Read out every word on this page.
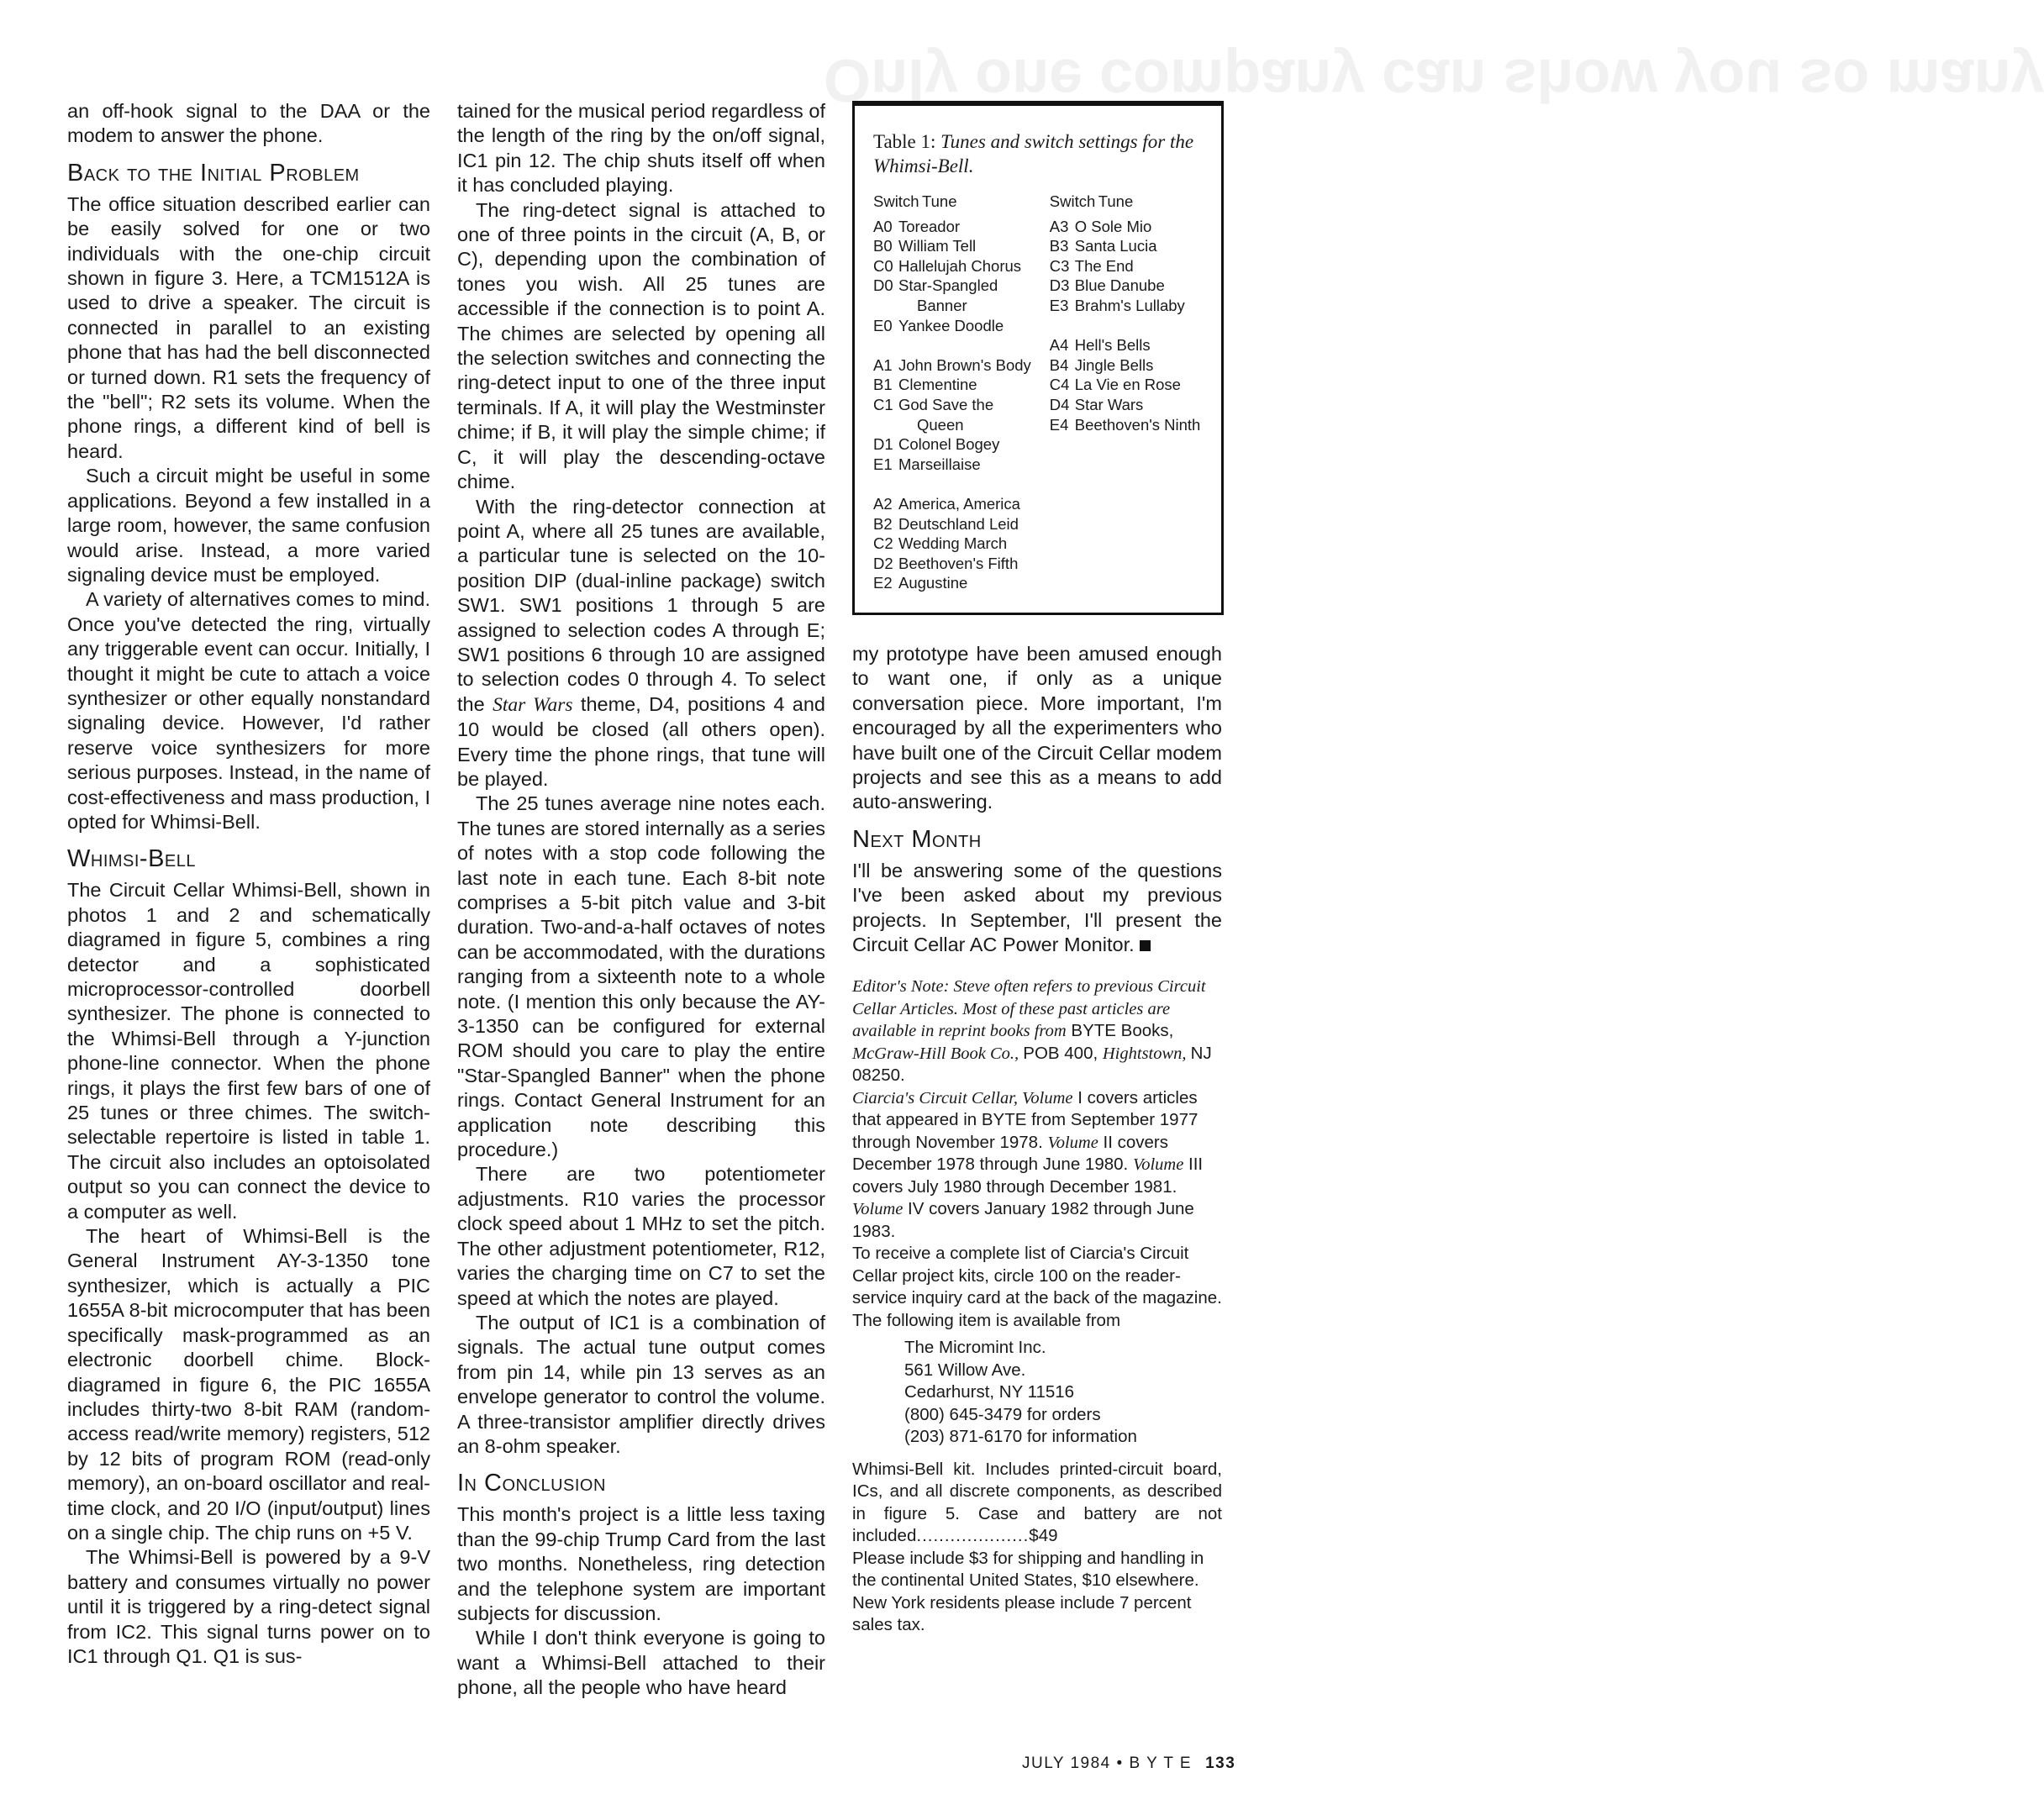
Only one company can show you so many

an off-hook signal to the DAA or the modem to answer the phone.

Back to the Initial Problem

The office situation described earlier can be easily solved for one or two individuals with the one-chip circuit shown in figure 3. Here, a TCM1512A is used to drive a speaker. The circuit is connected in parallel to an existing phone that has had the bell disconnected or turned down. R1 sets the frequency of the "bell"; R2 sets its volume. When the phone rings, a different kind of bell is heard.

Such a circuit might be useful in some applications. Beyond a few installed in a large room, however, the same confusion would arise. Instead, a more varied signaling device must be employed.

A variety of alternatives comes to mind. Once you've detected the ring, virtually any triggerable event can occur. Initially, I thought it might be cute to attach a voice synthesizer or other equally nonstandard signaling device. However, I'd rather reserve voice synthesizers for more serious purposes. Instead, in the name of cost-effectiveness and mass production, I opted for Whimsi-Bell.

Whimsi-Bell

The Circuit Cellar Whimsi-Bell, shown in photos 1 and 2 and schematically diagramed in figure 5, combines a ring detector and a sophisticated microprocessor-controlled doorbell synthesizer. The phone is connected to the Whimsi-Bell through a Y-junction phone-line connector. When the phone rings, it plays the first few bars of one of 25 tunes or three chimes. The switch-selectable repertoire is listed in table 1. The circuit also includes an optoisolated output so you can connect the device to a computer as well.

The heart of Whimsi-Bell is the General Instrument AY-3-1350 tone synthesizer, which is actually a PIC 1655A 8-bit microcomputer that has been specifically mask-programmed as an electronic doorbell chime. Block-diagramed in figure 6, the PIC 1655A includes thirty-two 8-bit RAM (random-access read/write memory) registers, 512 by 12 bits of program ROM (read-only memory), an on-board oscillator and real-time clock, and 20 I/O (input/output) lines on a single chip. The chip runs on +5 V.

The Whimsi-Bell is powered by a 9-V battery and consumes virtually no power until it is triggered by a ring-detect signal from IC2. This signal turns power on to IC1 through Q1. Q1 is sus-

tained for the musical period regardless of the length of the ring by the on/off signal, IC1 pin 12. The chip shuts itself off when it has concluded playing.

The ring-detect signal is attached to one of three points in the circuit (A, B, or C), depending upon the combination of tones you wish. All 25 tunes are accessible if the connection is to point A. The chimes are selected by opening all the selection switches and connecting the ring-detect input to one of the three input terminals. If A, it will play the Westminster chime; if B, it will play the simple chime; if C, it will play the descending-octave chime.

With the ring-detector connection at point A, where all 25 tunes are available, a particular tune is selected on the 10-position DIP (dual-inline package) switch SW1. SW1 positions 1 through 5 are assigned to selection codes A through E; SW1 positions 6 through 10 are assigned to selection codes 0 through 4. To select the Star Wars theme, D4, positions 4 and 10 would be closed (all others open). Every time the phone rings, that tune will be played.

The 25 tunes average nine notes each. The tunes are stored internally as a series of notes with a stop code following the last note in each tune. Each 8-bit note comprises a 5-bit pitch value and 3-bit duration. Two-and-a-half octaves of notes can be accommodated, with the durations ranging from a sixteenth note to a whole note. (I mention this only because the AY-3-1350 can be configured for external ROM should you care to play the entire "Star-Spangled Banner" when the phone rings. Contact General Instrument for an application note describing this procedure.)

There are two potentiometer adjustments. R10 varies the processor clock speed about 1 MHz to set the pitch. The other adjustment potentiometer, R12, varies the charging time on C7 to set the speed at which the notes are played.

The output of IC1 is a combination of signals. The actual tune output comes from pin 14, while pin 13 serves as an envelope generator to control the volume. A three-transistor amplifier directly drives an 8-ohm speaker.

In Conclusion

This month's project is a little less taxing than the 99-chip Trump Card from the last two months. Nonetheless, ring detection and the telephone system are important subjects for discussion.

While I don't think everyone is going to want a Whimsi-Bell attached to their phone, all the people who have heard

Table 1: Tunes and switch settings for the Whimsi-Bell.
Switch Tune
A0 Toreador
B0 William Tell
C0 Hallelujah Chorus
D0 Star-Spangled
Banner
E0 Yankee Doodle
A1 John Brown's Body
B1 Clementine
C1 God Save the
Queen
D1 Colonel Bogey
E1 Marseillaise
A2 America, America
B2 Deutschland Leid
C2 Wedding March
D2 Beethoven's Fifth
E2 Augustine
Switch Tune
A3 O Sole Mio
B3 Santa Lucia
C3 The End
D3 Blue Danube
E3 Brahm's Lullaby
A4 Hell's Bells
B4 Jingle Bells
C4 La Vie en Rose
D4 Star Wars
E4 Beethoven's Ninth

my prototype have been amused enough to want one, if only as a unique conversation piece. More important, I'm encouraged by all the experimenters who have built one of the Circuit Cellar modem projects and see this as a means to add auto-answering.

Next Month

I'll be answering some of the questions I've been asked about my previous projects. In September, I'll present the Circuit Cellar AC Power Monitor.

Editor's Note: Steve often refers to previous Circuit Cellar Articles. Most of these past articles are available in reprint books from BYTE Books, McGraw-Hill Book Co., POB 400, Hightstown, NJ 08250.

Ciarcia's Circuit Cellar, Volume I covers articles that appeared in BYTE from September 1977 through November 1978. Volume II covers December 1978 through June 1980. Volume III covers July 1980 through December 1981. Volume IV covers January 1982 through June 1983.

To receive a complete list of Ciarcia's Circuit Cellar project kits, circle 100 on the reader-service inquiry card at the back of the magazine.

The following item is available from

The Micromint Inc.
561 Willow Ave.
Cedarhurst, NY 11516
(800) 645-3479 for orders
(203) 871-6170 for information

Whimsi-Bell kit. Includes printed-circuit board, ICs, and all discrete components, as described in figure 5. Case and battery are not included....................$49

Please include $3 for shipping and handling in the continental United States, $10 elsewhere. New York residents please include 7 percent sales tax.

JULY 1984 • B Y T E 133
